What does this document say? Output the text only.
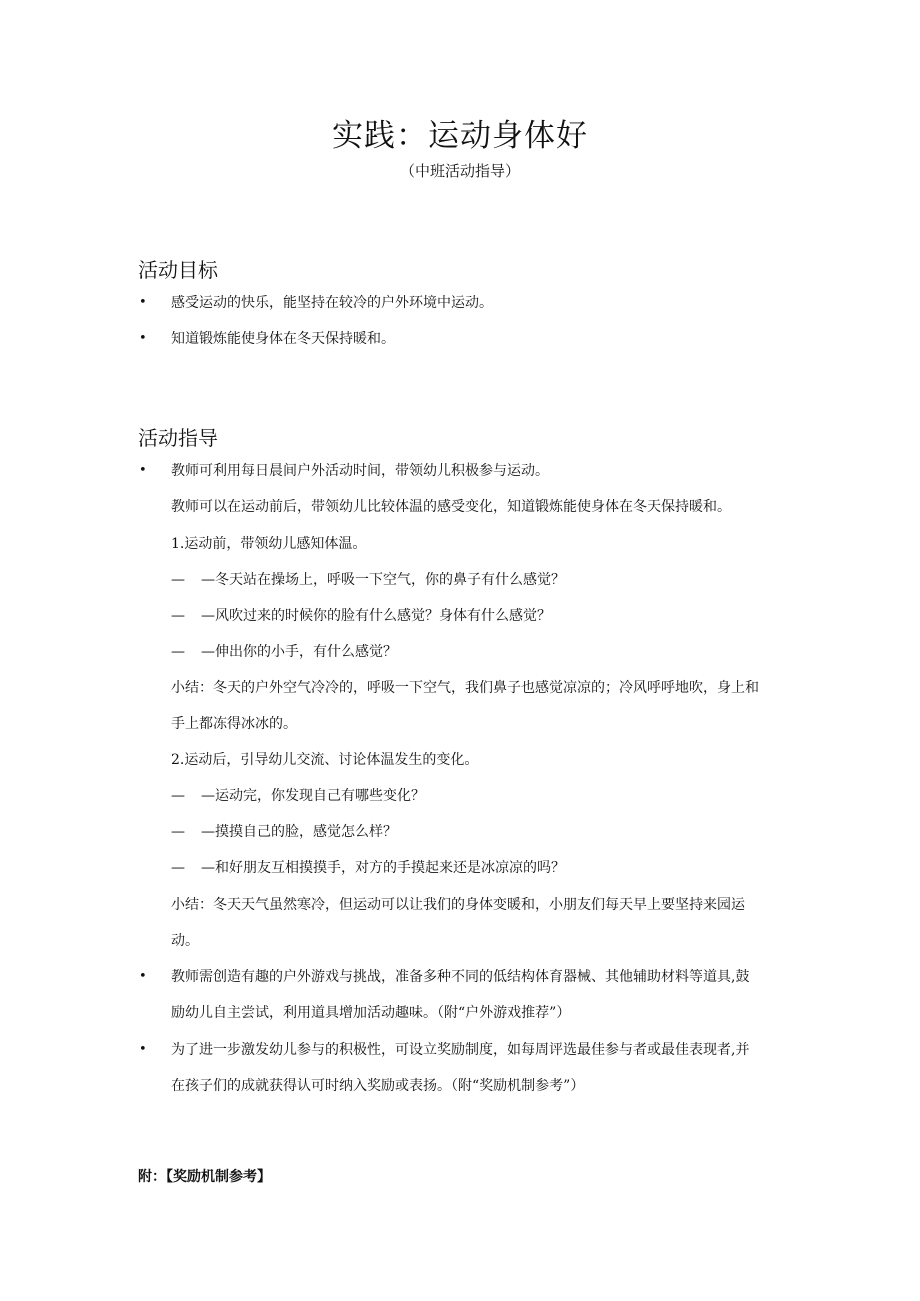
实践：运动身体好
（中班活动指导）
活动目标
• 感受运动的快乐，能坚持在较冷的户外环境中运动。
• 知道锻炼能使身体在冬天保持暖和。
活动指导
• 教师可利用每日晨间户外活动时间，带领幼儿积极参与运动。
教师可以在运动前后，带领幼儿比较体温的感受变化，知道锻炼能使身体在冬天保持暖和。
1.运动前，带领幼儿感知体温。
— —冬天站在操场上，呼吸一下空气，你的鼻子有什么感觉？
— —风吹过来的时候你的脸有什么感觉？身体有什么感觉？
— —伸出你的小手，有什么感觉？
小结：冬天的户外空气冷冷的，呼吸一下空气，我们鼻子也感觉凉凉的；冷风呼呼地吹，身上和
手上都冻得冰冰的。
2.运动后，引导幼儿交流、讨论体温发生的变化。
— —运动完，你发现自己有哪些变化？
— —摸摸自己的脸，感觉怎么样？
— —和好朋友互相摸摸手，对方的手摸起来还是冰凉凉的吗？
小结：冬天天气虽然寒冷，但运动可以让我们的身体变暖和，小朋友们每天早上要坚持来园运
动。
• 教师需创造有趣的户外游戏与挑战，准备多种不同的低结构体育器械、其他辅助材料等道具,鼓
励幼儿自主尝试，利用道具增加活动趣味。（附“户外游戏推荐”）
• 为了进一步激发幼儿参与的积极性，可设立奖励制度，如每周评选最佳参与者或最佳表现者,并
在孩子们的成就获得认可时纳入奖励或表扬。（附“奖励机制参考”）
附：【奖励机制参考】
